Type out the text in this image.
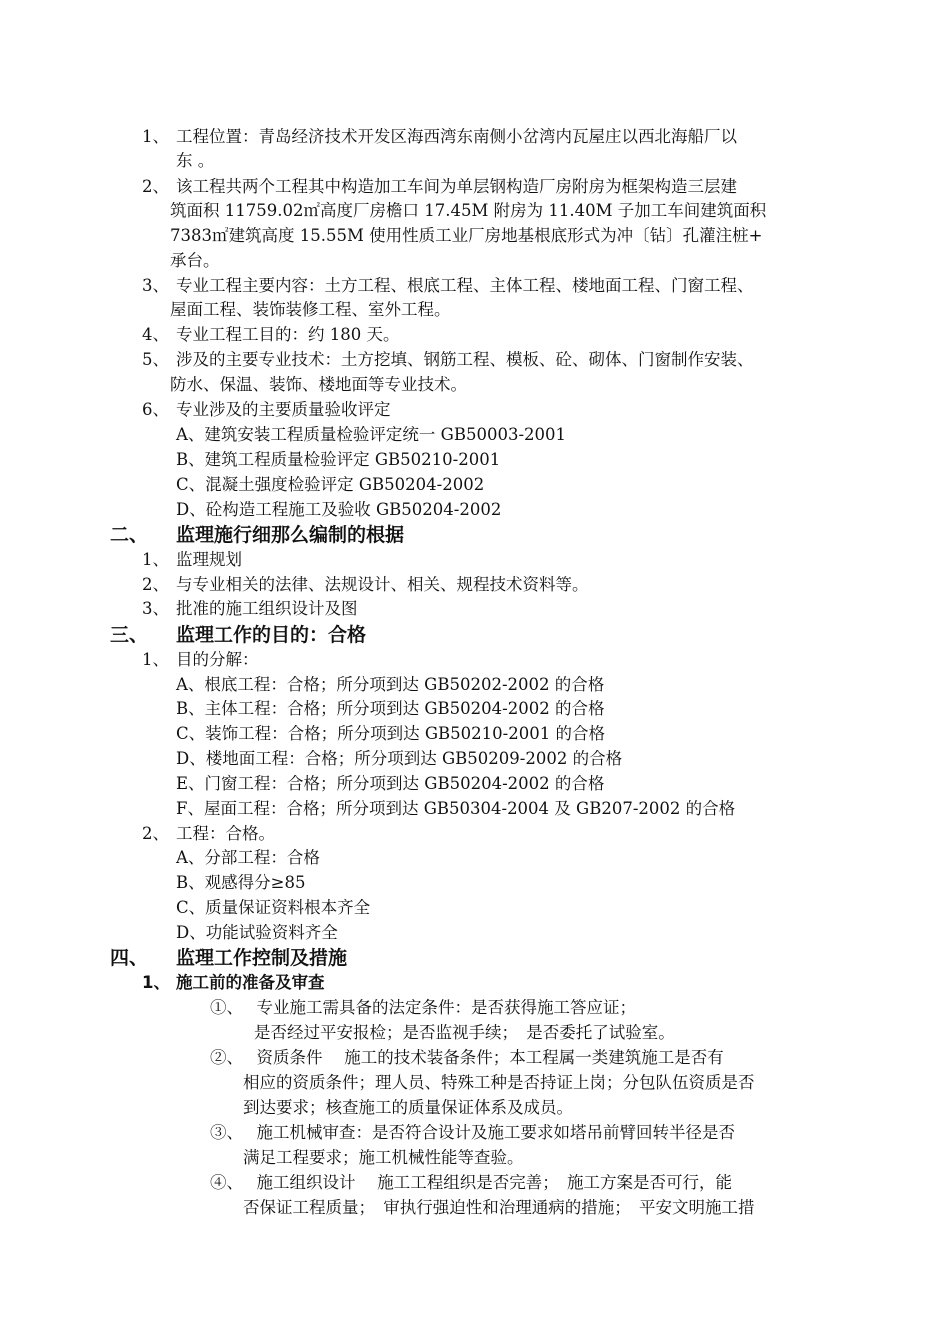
1、 工程位置：青岛经济技术开发区海西湾东南侧小岔湾内瓦屋庄以西北海船厂以
东 。
2、 该工程共两个工程其中构造加工车间为单层钢构造厂房附房为框架构造三层建
筑面积 11759.02㎡高度厂房檐口 17.45M 附房为 11.40M 子加工车间建筑面积
7383㎡建筑高度 15.55M 使用性质工业厂房地基根底形式为冲〔钻〕孔灌注桩+
承台。
3、 专业工程主要内容：土方工程、根底工程、主体工程、楼地面工程、门窗工程、
屋面工程、装饰装修工程、室外工程。
4、 专业工程工目的：约 180 天。
5、 涉及的主要专业技术：土方挖填、钢筋工程、模板、砼、砌体、门窗制作安装、
防水、保温、装饰、楼地面等专业技术。
6、 专业涉及的主要质量验收评定
A、建筑安装工程质量检验评定统一 GB50003-2001
B、建筑工程质量检验评定 GB50210-2001
C、混凝土强度检验评定 GB50204-2002
D、砼构造工程施工及验收 GB50204-2002
二、 监理施行细那么编制的根据
1、 监理规划
2、 与专业相关的法律、法规设计、相关、规程技术资料等。
3、 批准的施工组织设计及图
三、 监理工作的目的：合格
1、 目的分解：
A、根底工程：合格；所分项到达 GB50202-2002 的合格
B、主体工程：合格；所分项到达 GB50204-2002 的合格
C、装饰工程：合格；所分项到达 GB50210-2001 的合格
D、楼地面工程：合格；所分项到达 GB50209-2002 的合格
E、门窗工程：合格；所分项到达 GB50204-2002 的合格
F、屋面工程：合格；所分项到达 GB50304-2004 及 GB207-2002 的合格
2、 工程：合格。
A、分部工程：合格
B、观感得分≥85
C、质量保证资料根本齐全
D、功能试验资料齐全
四、 监理工作控制及措施
1、 施工前的准备及审查
①、　 专业施工需具备的法定条件：是否获得施工答应证；
是否经过平安报检；是否监视手续；　是否委托了试验室。
②、　 资质条件　 施工的技术装备条件；本工程属一类建筑施工是否有
相应的资质条件；理人员、特殊工种是否持证上岗；分包队伍资质是否
到达要求；核查施工的质量保证体系及成员。
③、　 施工机械审查：是否符合设计及施工要求如塔吊前臂回转半径是否
满足工程要求；施工机械性能等查验。
④、　 施工组织设计　 施工工程组织是否完善；　施工方案是否可行，能
否保证工程质量；　审执行强迫性和治理通病的措施；　平安文明施工措
